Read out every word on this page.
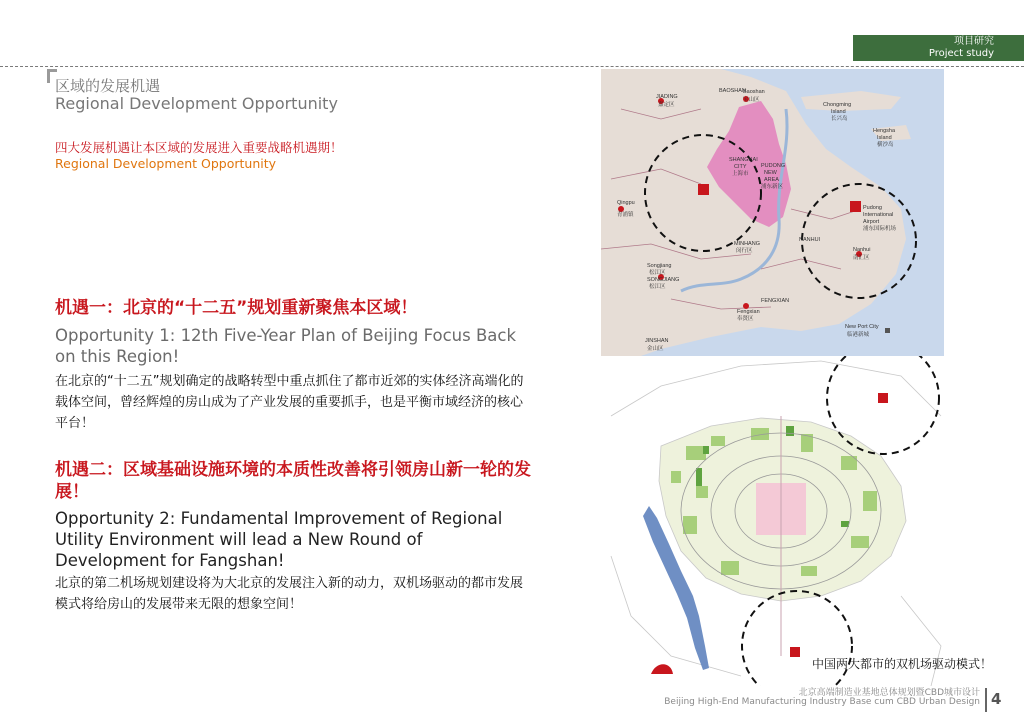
项目研究
Project study
区域的发展机遇
Regional Development Opportunity
四大发展机遇让本区域的发展进入重要战略机遇期！
Regional Development Opportunity
机遇一：北京的“十二五”规划重新聚焦本区域！
Opportunity 1: 12th Five-Year Plan of Beijing Focus Back on this Region!
在北京的“十二五”规划确定的战略转型中重点抓住了都市近郊的实体经济高端化的载体空间，曾经辉煌的房山成为了产业发展的重要抓手，也是平衡市域经济的核心平台！
机遇二：区域基础设施环境的本质性改善将引领房山新一轮的发展！
Opportunity 2: Fundamental Improvement of Regional Utility Environment will lead a New Round of Development for Fangshan!
北京的第二机场规划建设将为大北京的发展注入新的动力，双机场驱动的都市发展模式将给房山的发展带来无限的想象空间！
BAOSHAN
Baoshan
宝山区
JIADING
嘉定区	Chongming
Island
长兴岛
Hengsha
Island
横沙岛
SHANGHAI
CITY
上海市
PUDONG
NEW
AREA
浦东新区
Qingpu
青浦镇
Pudong
International
Airport
浦东国际机场
MINHANG
闵行区
NANHUI
Nanhui
南汇区
Songjiang
松江区
SONGJIANG
松江区
FENGXIAN
Fengxian
奉贤区
New Port City
临港新城
JINSHAN
金山区
中国两大都市的双机场驱动模式！
北京高端制造业基地总体规划暨CBD城市设计
Beijing High-End Manufacturing Industry Base cum CBD Urban Design 4
